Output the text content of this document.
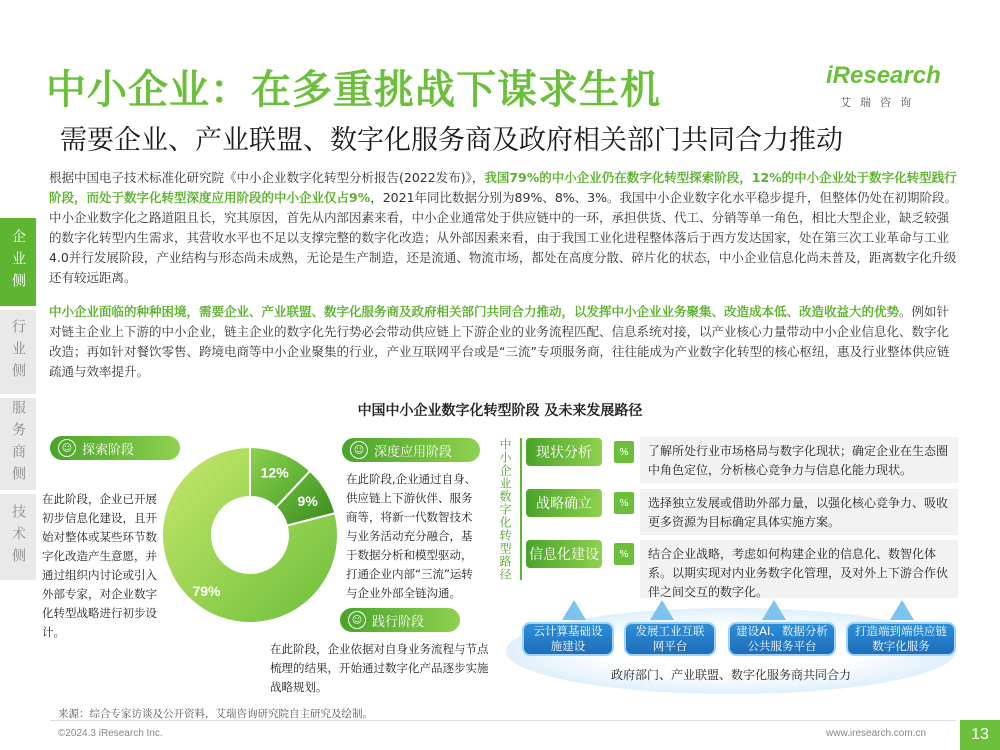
中小企业：在多重挑战下谋求生机
需要企业、产业联盟、数字化服务商及政府相关部门共同合力推动
iResearch
艾瑞咨询
企业侧
行业侧
服务商侧
技术侧
根据中国电子技术标准化研究院《中小企业数字化转型分析报告(2022发布)》，我国79%的中小企业仍在数字化转型探索阶段，12%的中小企业处于数字化转型践行阶段，而处于数字化转型深度应用阶段的中小企业仅占9%，2021年同比数据分别为89%、8%、3%。我国中小企业数字化水平稳步提升，但整体仍处在初期阶段。中小企业数字化之路道阻且长，究其原因，首先从内部因素来看，中小企业通常处于供应链中的一环，承担供货、代工、分销等单一角色，相比大型企业，缺乏较强的数字化转型内生需求，其营收水平也不足以支撑完整的数字化改造；从外部因素来看，由于我国工业化进程整体落后于西方发达国家，处在第三次工业革命与工业4.0并行发展阶段，产业结构与形态尚未成熟，无论是生产制造，还是流通、物流市场，都处在高度分散、碎片化的状态，中小企业信息化尚未普及，距离数字化升级还有较远距离。
中小企业面临的种种困境，需要企业、产业联盟、数字化服务商及政府相关部门共同合力推动，以发挥中小企业业务聚集、改造成本低、改造收益大的优势。例如针对链主企业上下游的中小企业，链主企业的数字化先行势必会带动供应链上下游企业的业务流程匹配、信息系统对接，以产业核心力量带动中小企业信息化、数字化改造；再如针对餐饮零售、跨境电商等中小企业聚集的行业，产业互联网平台或是“三流”专项服务商，往往能成为产业数字化转型的核心枢纽，惠及行业整体供应链疏通与效率提升。
中国中小企业数字化转型阶段 及未来发展路径
☺ 探索阶段
在此阶段，企业已开展初步信息化建设，且开始对整体或某些环节数字化改造产生意愿，并通过组织内讨论或引入外部专家，对企业数字化转型战略进行初步设计。
☺ 深度应用阶段
在此阶段,企业通过自身、供应链上下游伙伴、服务商等，将新一代数智技术与业务活动充分融合，基于数据分析和模型驱动，打通企业内部“三流”运转与企业外部全链沟通。
☺ 践行阶段
在此阶段，企业依据对自身业务流程与节点梳理的结果，开始通过数字化产品逐步实施战略规划。
79%
12%
9%	中小企业数字化转型路径	现状分析	%	了解所处行业市场格局与数字化现状；确定企业在生态圈中角色定位，分析核心竞争力与信息化能力现状。
战略确立	%	选择独立发展或借助外部力量，以强化核心竞争力、吸收更多资源为目标确定具体实施方案。
信息化建设	%	结合企业战略，考虑如何构建企业的信息化、数智化体系。以期实现对内业务数字化管理，及对外上下游合作伙伴之间交互的数字化。
云计算基础设施建设
发展工业互联网平台
建设AI、数据分析公共服务平台
打造端到端供应链数字化服务
政府部门、产业联盟、数字化服务商共同合力
来源：综合专家访谈及公开资料，艾瑞咨询研究院自主研究及绘制。
©2024.3 iResearch Inc.	www.iresearch.com.cn	13
